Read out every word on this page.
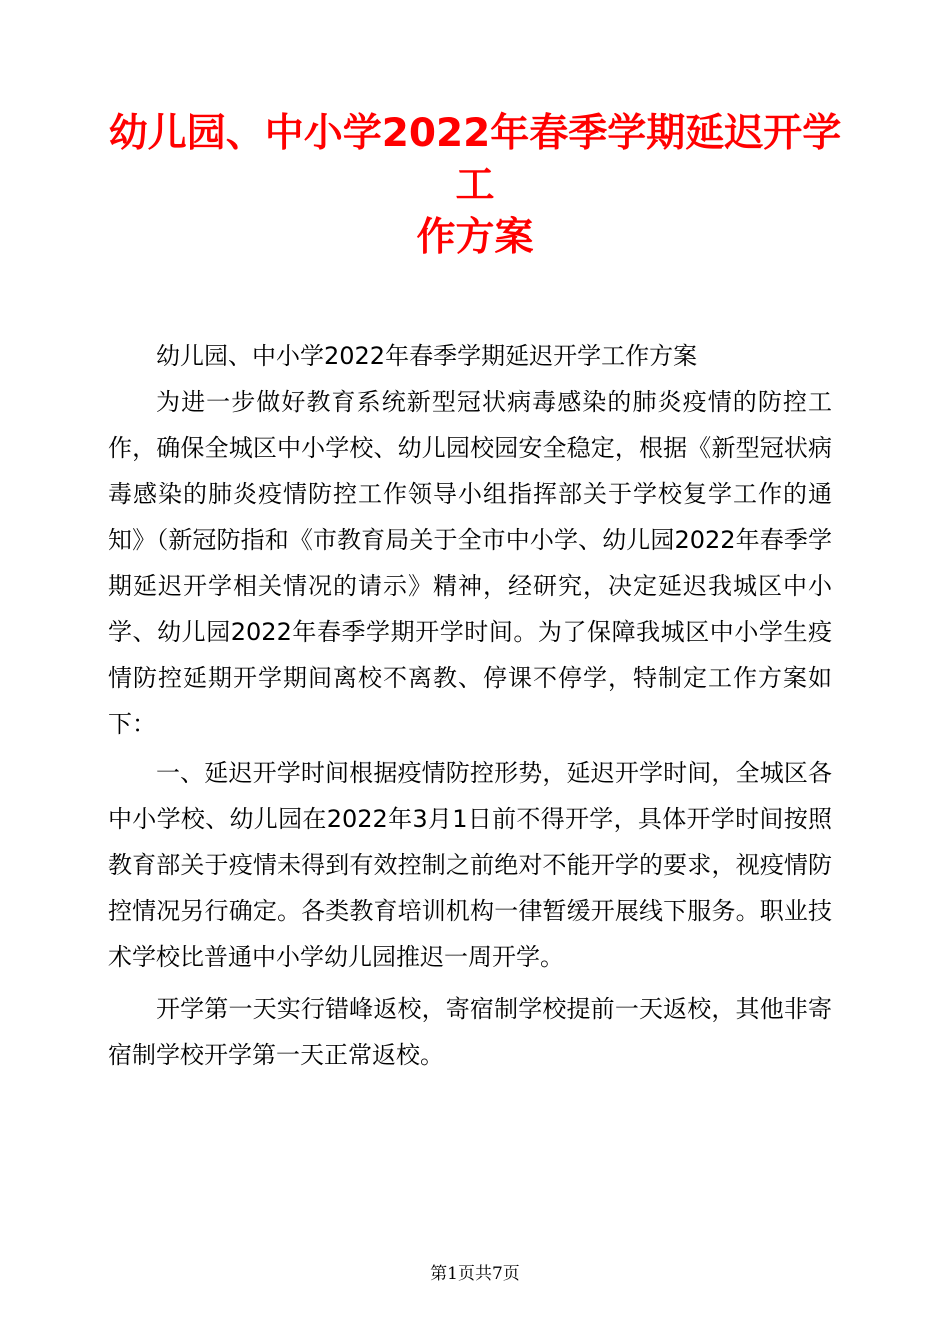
幼儿园、中小学2022年春季学期延迟开学工
作方案

幼儿园、中小学2022年春季学期延迟开学工作方案

为进一步做好教育系统新型冠状病毒感染的肺炎疫情的防控工作，确保全城区中小学校、幼儿园校园安全稳定，根据《新型冠状病毒感染的肺炎疫情防控工作领导小组指挥部关于学校复学工作的通知》（新冠防指和《市教育局关于全市中小学、幼儿园2022年春季学期延迟开学相关情况的请示》精神，经研究，决定延迟我城区中小学、幼儿园2022年春季学期开学时间。为了保障我城区中小学生疫情防控延期开学期间离校不离教、停课不停学，特制定工作方案如下：

一、延迟开学时间根据疫情防控形势，延迟开学时间，全城区各中小学校、幼儿园在2022年3月1日前不得开学，具体开学时间按照教育部关于疫情未得到有效控制之前绝对不能开学的要求，视疫情防控情况另行确定。各类教育培训机构一律暂缓开展线下服务。职业技术学校比普通中小学幼儿园推迟一周开学。

开学第一天实行错峰返校，寄宿制学校提前一天返校，其他非寄宿制学校开学第一天正常返校。

第1页共7页
